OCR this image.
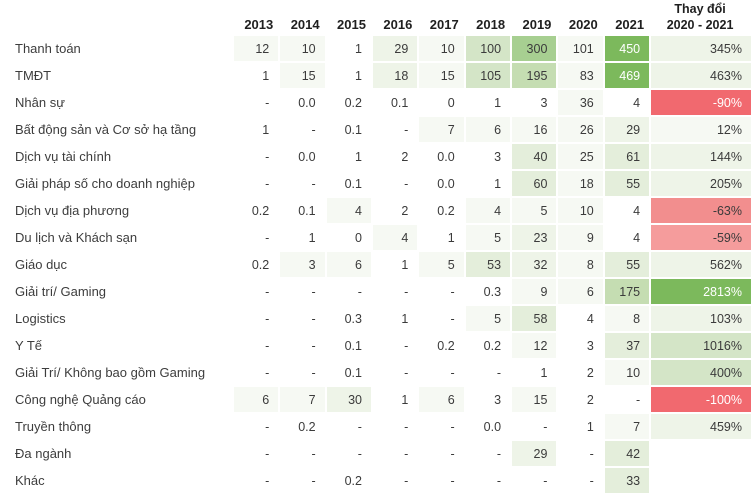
	2013	2014	2015	2016	2017	2018	2019	2020	2021	Thay đổi
2020 - 2021

Thanh toán	12	10	1	29	10	100	300	101	450	345%
TMĐT	1	15	1	18	15	105	195	83	469	463%
Nhân sự	-	0.0	0.2	0.1	0	1	3	36	4	-90%
Bất động sản và Cơ sở hạ tầng	1	-	0.1	-	7	6	16	26	29	12%
Dịch vụ tài chính	-	0.0	1	2	0.0	3	40	25	61	144%
Giải pháp số cho doanh nghiệp	-	-	0.1	-	0.0	1	60	18	55	205%
Dịch vụ địa phương	0.2	0.1	4	2	0.2	4	5	10	4	-63%
Du lịch và Khách sạn	-	1	0	4	1	5	23	9	4	-59%
Giáo dục	0.2	3	6	1	5	53	32	8	55	562%
Giải trí/ Gaming	-	-	-	-	-	0.3	9	6	175	2813%
Logistics	-	-	0.3	1	-	5	58	4	8	103%
Y Tế	-	-	0.1	-	0.2	0.2	12	3	37	1016%
Giải Trí/ Không bao gồm Gaming	-	-	0.1	-	-	-	1	2	10	400%
Công nghệ Quảng cáo	6	7	30	1	6	3	15	2	-	-100%
Truyền thông	-	0.2	-	-	-	0.0	-	1	7	459%
Đa ngành	-	-	-	-	-	-	29	-	42	
Khác	-	-	0.2	-	-	-	-	-	33	
